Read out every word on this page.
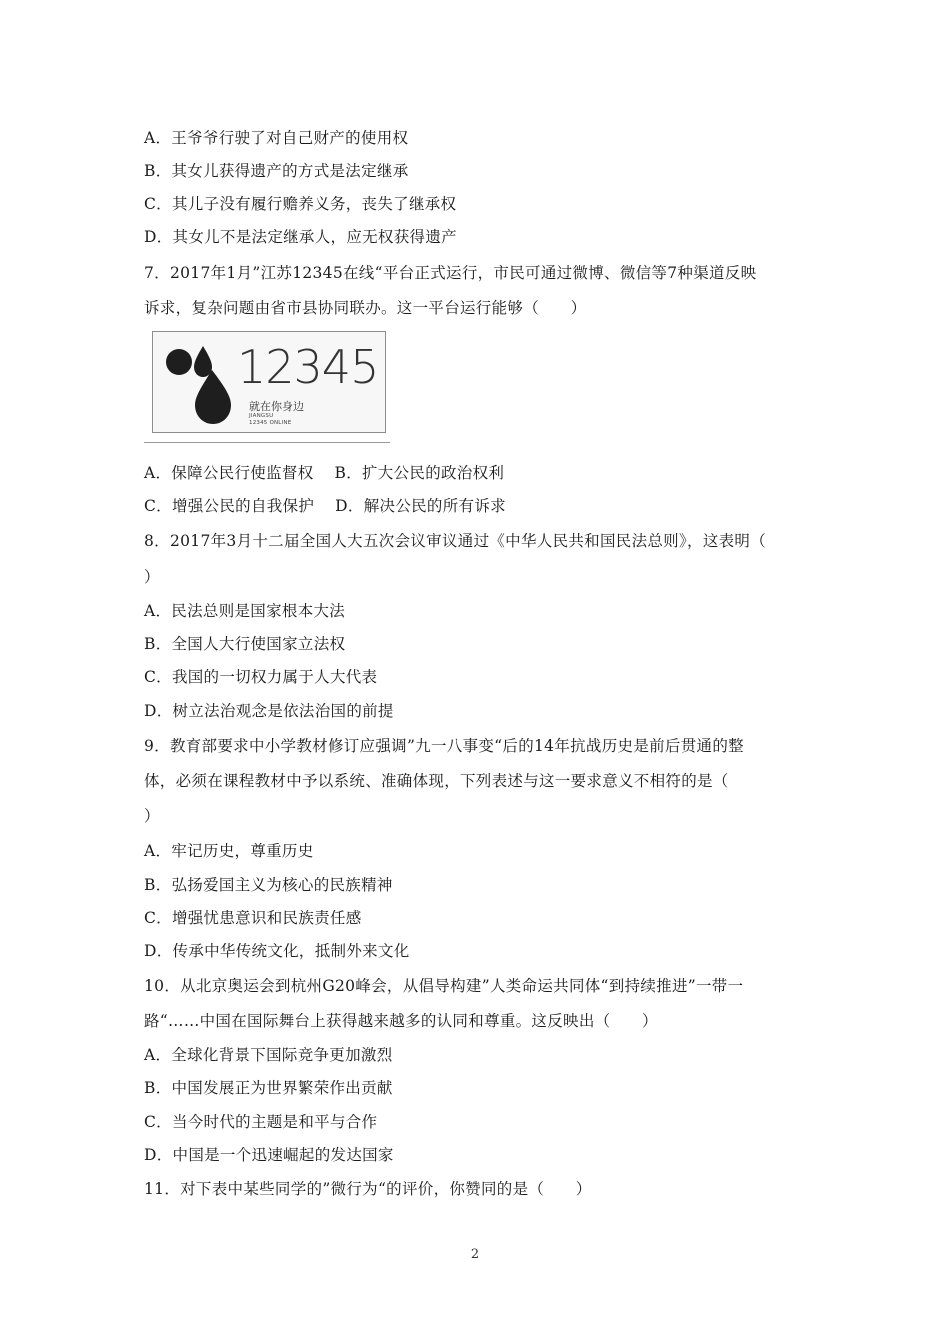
A．王爷爷行驶了对自己财产的使用权
B．其女儿获得遗产的方式是法定继承
C．其儿子没有履行赡养义务，丧失了继承权
D．其女儿不是法定继承人，应无权获得遗产
7．2017年1月”江苏12345在线“平台正式运行，市民可通过微博、微信等7种渠道反映
诉求，复杂问题由省市县协同联办。这一平台运行能够（　　）
12345
就在你身边
JIANGSU
12345 ONLINE
A．保障公民行使监督权　 B．扩大公民的政治权利
C．增强公民的自我保护　 D．解决公民的所有诉求
8．2017年3月十二届全国人大五次会议审议通过《中华人民共和国民法总则》，这表明（
）
A．民法总则是国家根本大法
B．全国人大行使国家立法权
C．我国的一切权力属于人大代表
D．树立法治观念是依法治国的前提
9．教育部要求中小学教材修订应强调”九一八事变“后的14年抗战历史是前后贯通的整
体，必须在课程教材中予以系统、准确体现，下列表述与这一要求意义不相符的是（
）
A．牢记历史，尊重历史
B．弘扬爱国主义为核心的民族精神
C．增强忧患意识和民族责任感
D．传承中华传统文化，抵制外来文化
10．从北京奥运会到杭州G20峰会，从倡导构建”人类命运共同体“到持续推进”一带一
路“……中国在国际舞台上获得越来越多的认同和尊重。这反映出（　　）
A．全球化背景下国际竞争更加激烈
B．中国发展正为世界繁荣作出贡献
C．当今时代的主题是和平与合作
D．中国是一个迅速崛起的发达国家
11．对下表中某些同学的”微行为“的评价，你赞同的是（　　）
2
